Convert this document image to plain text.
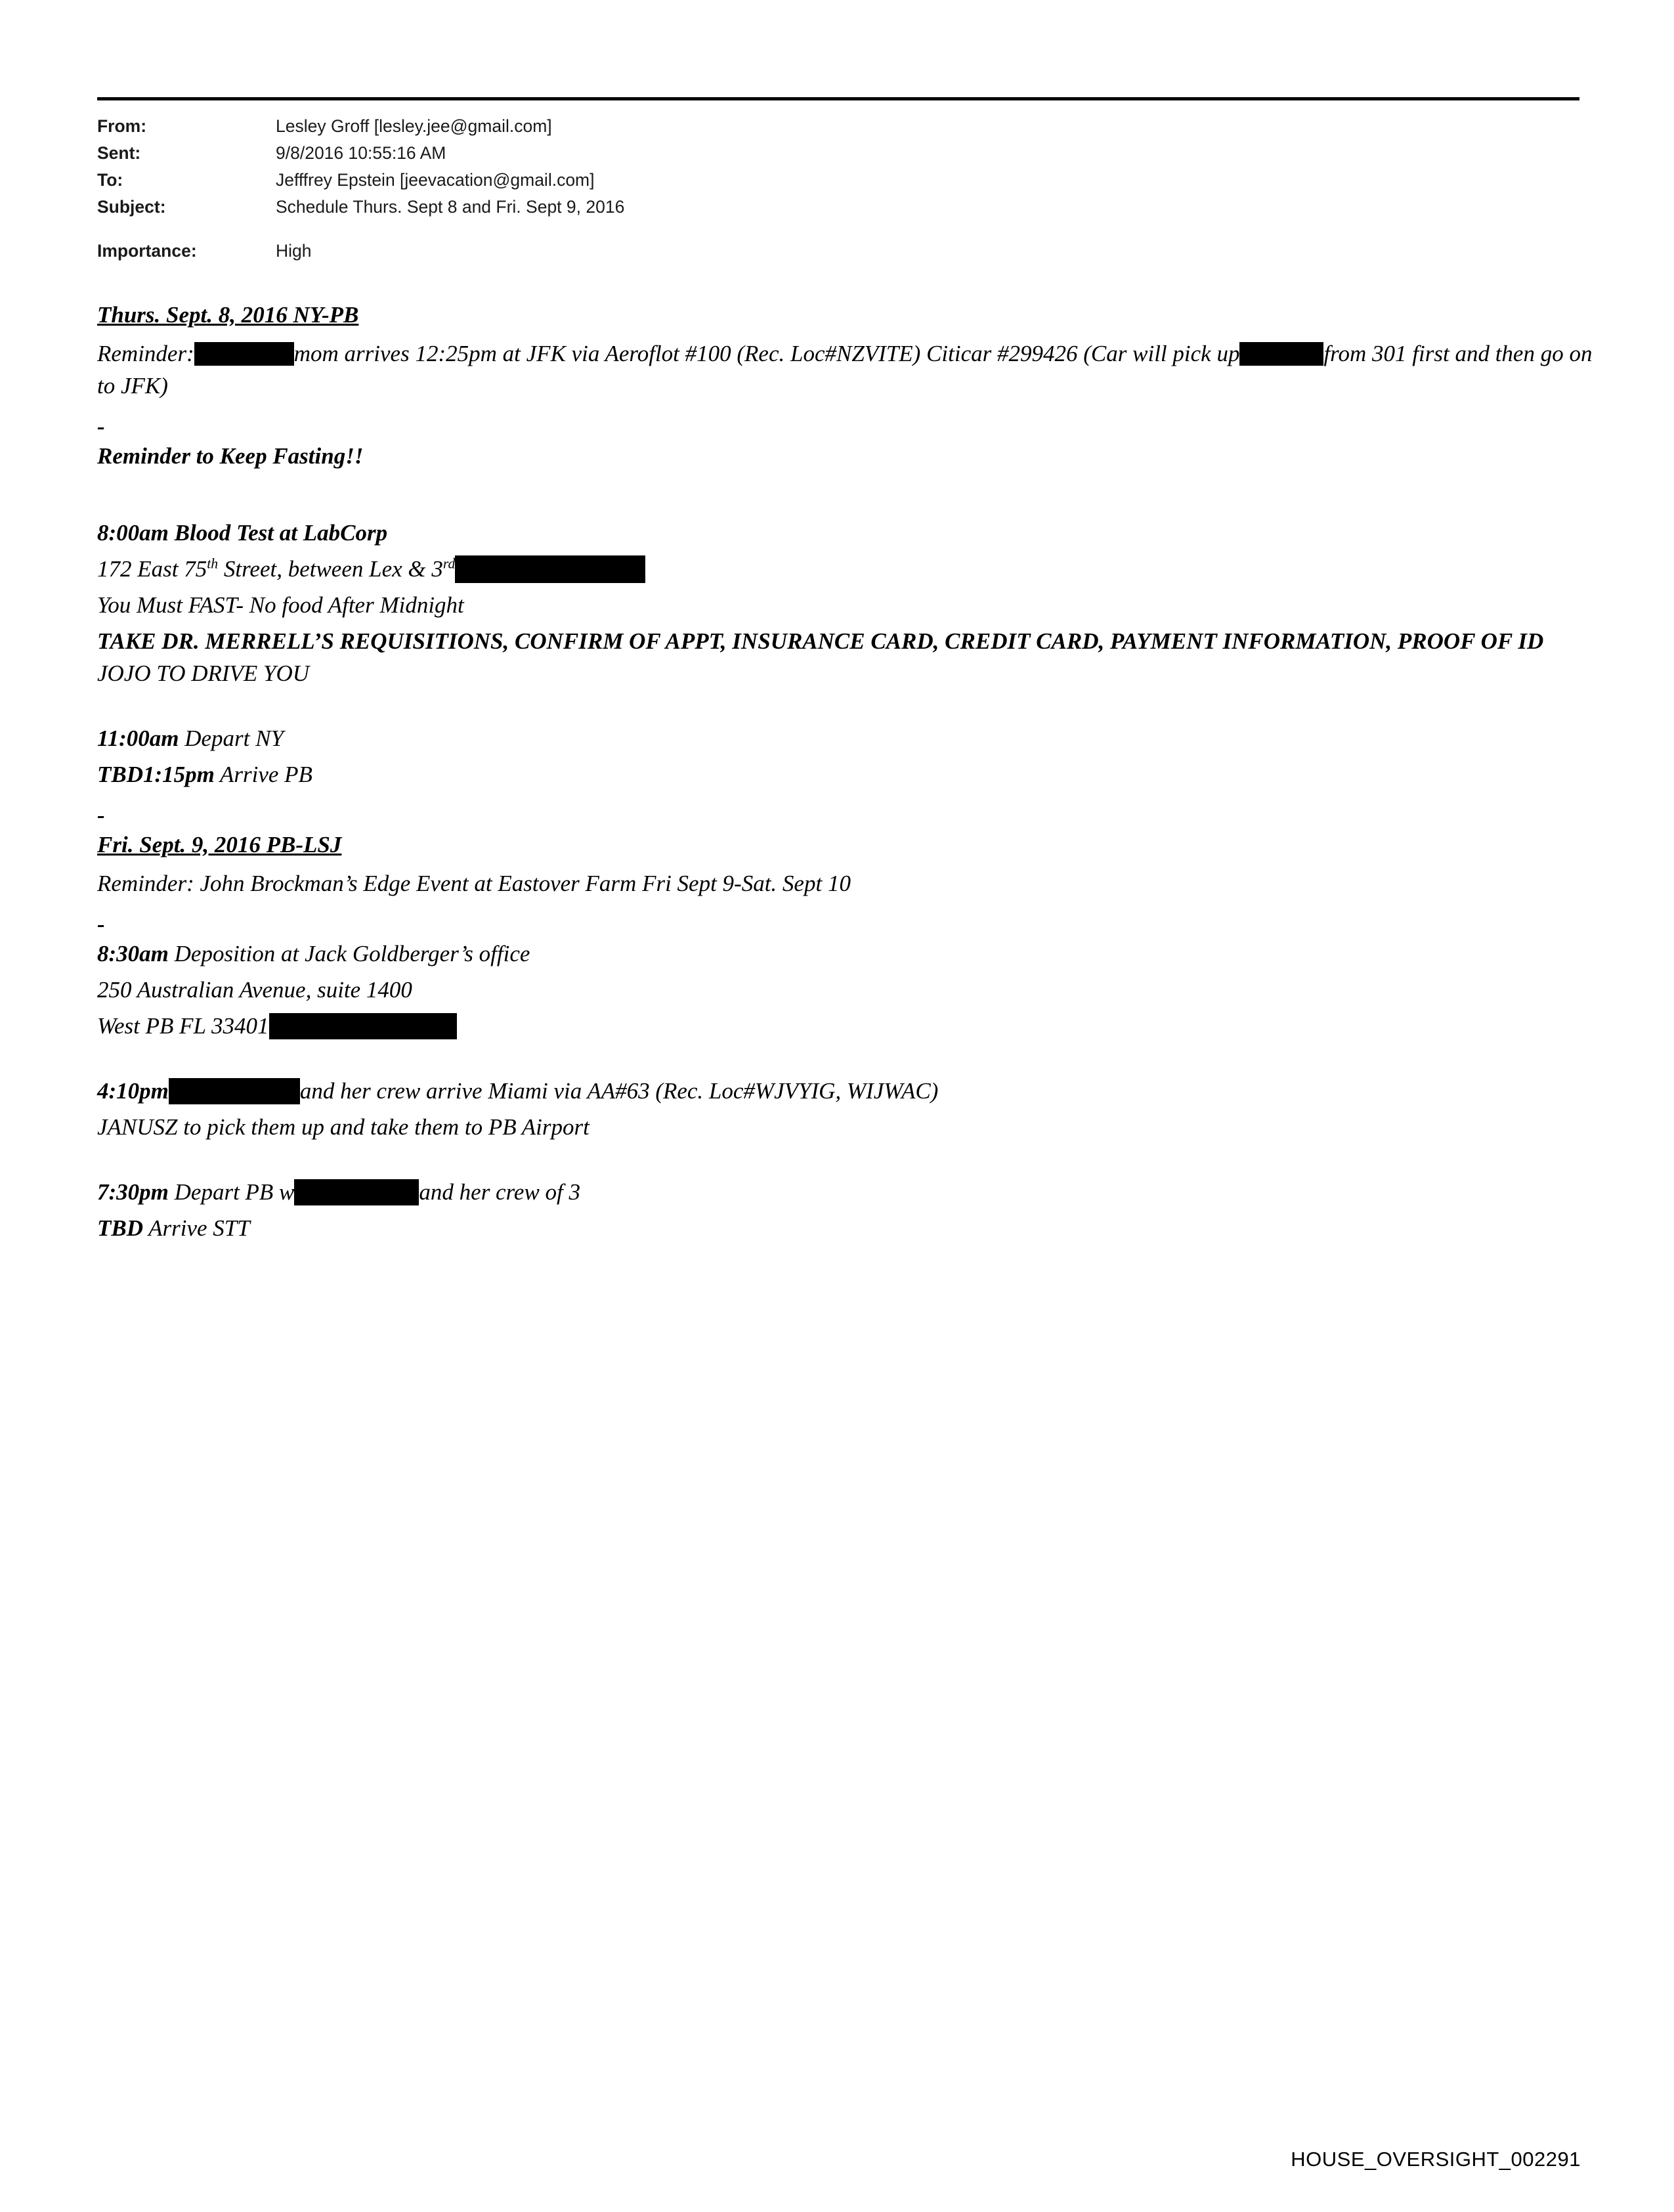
From:	Lesley Groff [lesley.jee@gmail.com]
Sent:	9/8/2016 10:55:16 AM
To:	Jefffrey Epstein [jeevacation@gmail.com]
Subject:	Schedule Thurs. Sept 8 and Fri. Sept 9, 2016
Importance:	High
Thurs. Sept. 8, 2016 NY-PB

Reminder:	mom arrives 12:25pm at JFK via Aeroflot #100 (Rec. Loc#NZVITE) Citicar #299426 (Car will pick up	from 301 first and then go on to JFK)

-

Reminder to Keep Fasting!!

8:00am Blood Test at LabCorp

172 East 75th Street, between Lex & 3rd

You Must FAST- No food After Midnight

TAKE DR. MERRELL’S REQUISITIONS, CONFIRM OF APPT, INSURANCE CARD, CREDIT CARD, PAYMENT INFORMATION, PROOF OF ID

JOJO TO DRIVE YOU

11:00am Depart NY

TBD1:15pm Arrive PB

-

Fri. Sept. 9, 2016 PB-LSJ

Reminder: John Brockman’s Edge Event at Eastover Farm Fri Sept 9-Sat. Sept 10

-

8:30am Deposition at Jack Goldberger’s office

250 Australian Avenue, suite 1400

West PB FL 33401

4:10pm	and her crew arrive Miami via AA#63 (Rec. Loc#WJVYIG, WIJWAC)

JANUSZ to pick them up and take them to PB Airport

7:30pm Depart PB w	and her crew of 3

TBD Arrive STT

HOUSE_OVERSIGHT_002291
